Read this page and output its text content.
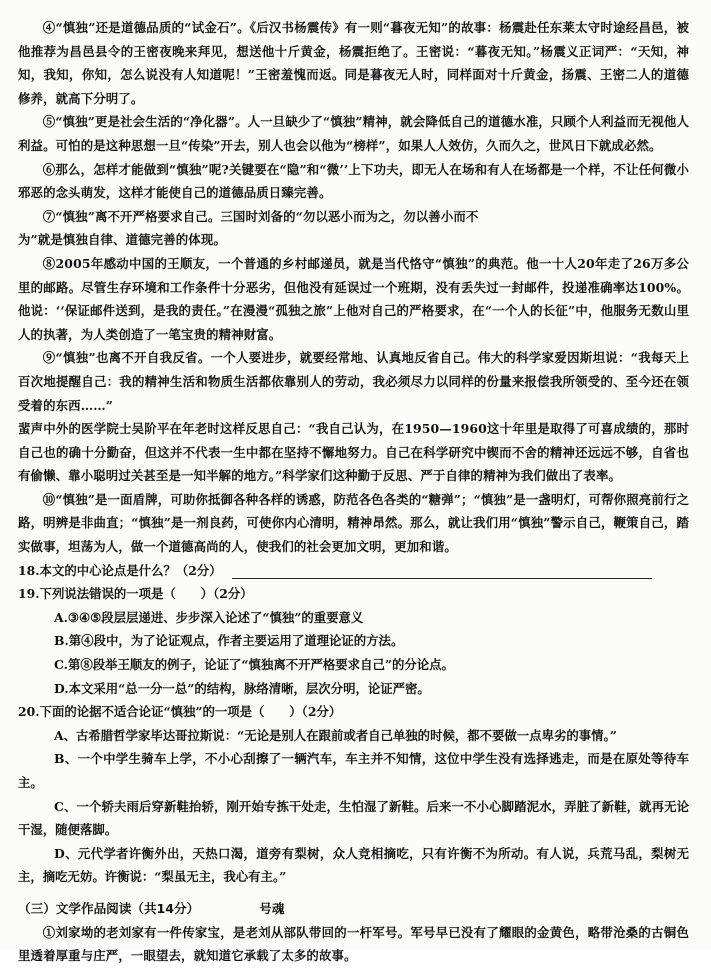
④“慎独”还是道德品质的“试金石”。《后汉书杨震传》有一则“暮夜无知”的故事：杨震赴任东莱太守时途经昌邑，被他推荐为昌邑县令的王密夜晚来拜见，想送他十斤黄金，杨震拒绝了。王密说：“暮夜无知。”杨震义正词严：“天知，神知，我知，你知，怎么说没有人知道呢！”王密羞愧而返。同是暮夜无人时，同样面对十斤黄金，扬震、王密二人的道德修养，就高下分明了。

⑤“慎独”更是社会生活的“净化器”。人一旦缺少了“慎独”精神，就会降低自己的道德水准，只顾个人利益而无视他人利益。可怕的是这种思想一旦“传染”开去，别人也会以他为“榜样”，如果人人效仿，久而久之，世风日下就成必然。

⑥那么，怎样才能做到“慎独”呢?关键要在“隐”和“微’’上下功夫，即无人在场和有人在场都是一个样，不让任何微小邪恶的念头萌发，这样才能使自己的道德品质日臻完善。

⑦“慎独”离不开严格要求自己。三国时刘备的“勿以恶小而为之，勿以善小而不

为”就是慎独自律、道德完善的体现。

⑧2005年感动中国的王顺友，一个普通的乡村邮递员，就是当代恪守“慎独”的典范。他一十人20年走了26万多公里的邮路。尽管生存环境和工作条件十分恶劣，但他没有延误过一个班期，没有丢失过一封邮件，投递准确率达100%。他说：‘‘保证邮件送到，是我的责任。”在漫漫“孤独之旅”上他对自己的严格要求，在“一个人的长征”中，他服务无数山里人的执著，为人类创造了一笔宝贵的精神财富。

⑨“慎独”也离不开自我反省。一个人要进步，就要经常地、认真地反省自己。伟大的科学家爱因斯坦说：“我每天上百次地提醒自己：我的精神生活和物质生活都依靠别人的劳动，我必须尽力以同样的份量来报偿我所领受的、至今还在领受着的东西……”

蜚声中外的医学院士吴阶平在年老时这样反思自己：“我自己认为，在1950—1960这十年里是取得了可喜成绩的，那时自己也的确十分勤奋，但这并不代表一生中都在坚持不懈地努力。自己在科学研究中锲而不舍的精神还远远不够，自省也有偷懒、靠小聪明过关甚至是一知半解的地方。”科学家们这种勤于反思、严于自律的精神为我们做出了表率。

⑩“慎独”是一面盾牌，可助你抵御各种各样的诱惑，防范各色各类的“糖弹”；“慎独”是一盏明灯，可帮你照亮前行之路，明辨是非曲直；“慎独”是一剂良药，可使你内心清明，精神昂然。那么，就让我们用“慎独”警示自己，鞭策自己，踏实做事，坦荡为人，做一个道德高尚的人，使我们的社会更加文明，更加和谐。

18.本文的中心论点是什么？（2分）

19.下列说法错误的一项是（　　）（2分）

A.③④⑤段层层递进、步步深入论述了“慎独”的重要意义

B.第④段中，为了论证观点，作者主要运用了道理论证的方法。

C.第⑧段举王顺友的例子，论证了“慎独离不开严格要求自己”的分论点。

D.本文采用“总一分一总”的结构，脉络清晰，层次分明，论证严密。

20.下面的论据不适合论证“慎独”的一项是（　　）（2分）

A、古希腊哲学家毕达哥拉斯说：“无论是别人在跟前或者自己单独的时候，都不要做一点卑劣的事情。”

B、一个中学生骑车上学，不小心刮擦了一辆汽车，车主并不知情，这位中学生没有选择逃走，而是在原处等待车主。

C、一个轿夫雨后穿新鞋抬轿，刚开始专拣干处走，生怕湿了新鞋。后来一不小心脚踏泥水，弄脏了新鞋，就再无论干湿，随便落脚。

D、元代学者许衡外出，天热口渴，道旁有梨树，众人竞相摘吃，只有许衡不为所动。有人说，兵荒马乱，梨树无主，摘吃无妨。许衡说：“梨虽无主，我心有主。”

（三）文学作品阅读（共14分）	号魂

①刘家坳的老刘家有一件传家宝，是老刘从部队带回的一杆军号。军号早已没有了耀眼的金黄色，略带沧桑的古铜色里透着厚重与庄严，一眼望去，就知道它承载了太多的故事。
